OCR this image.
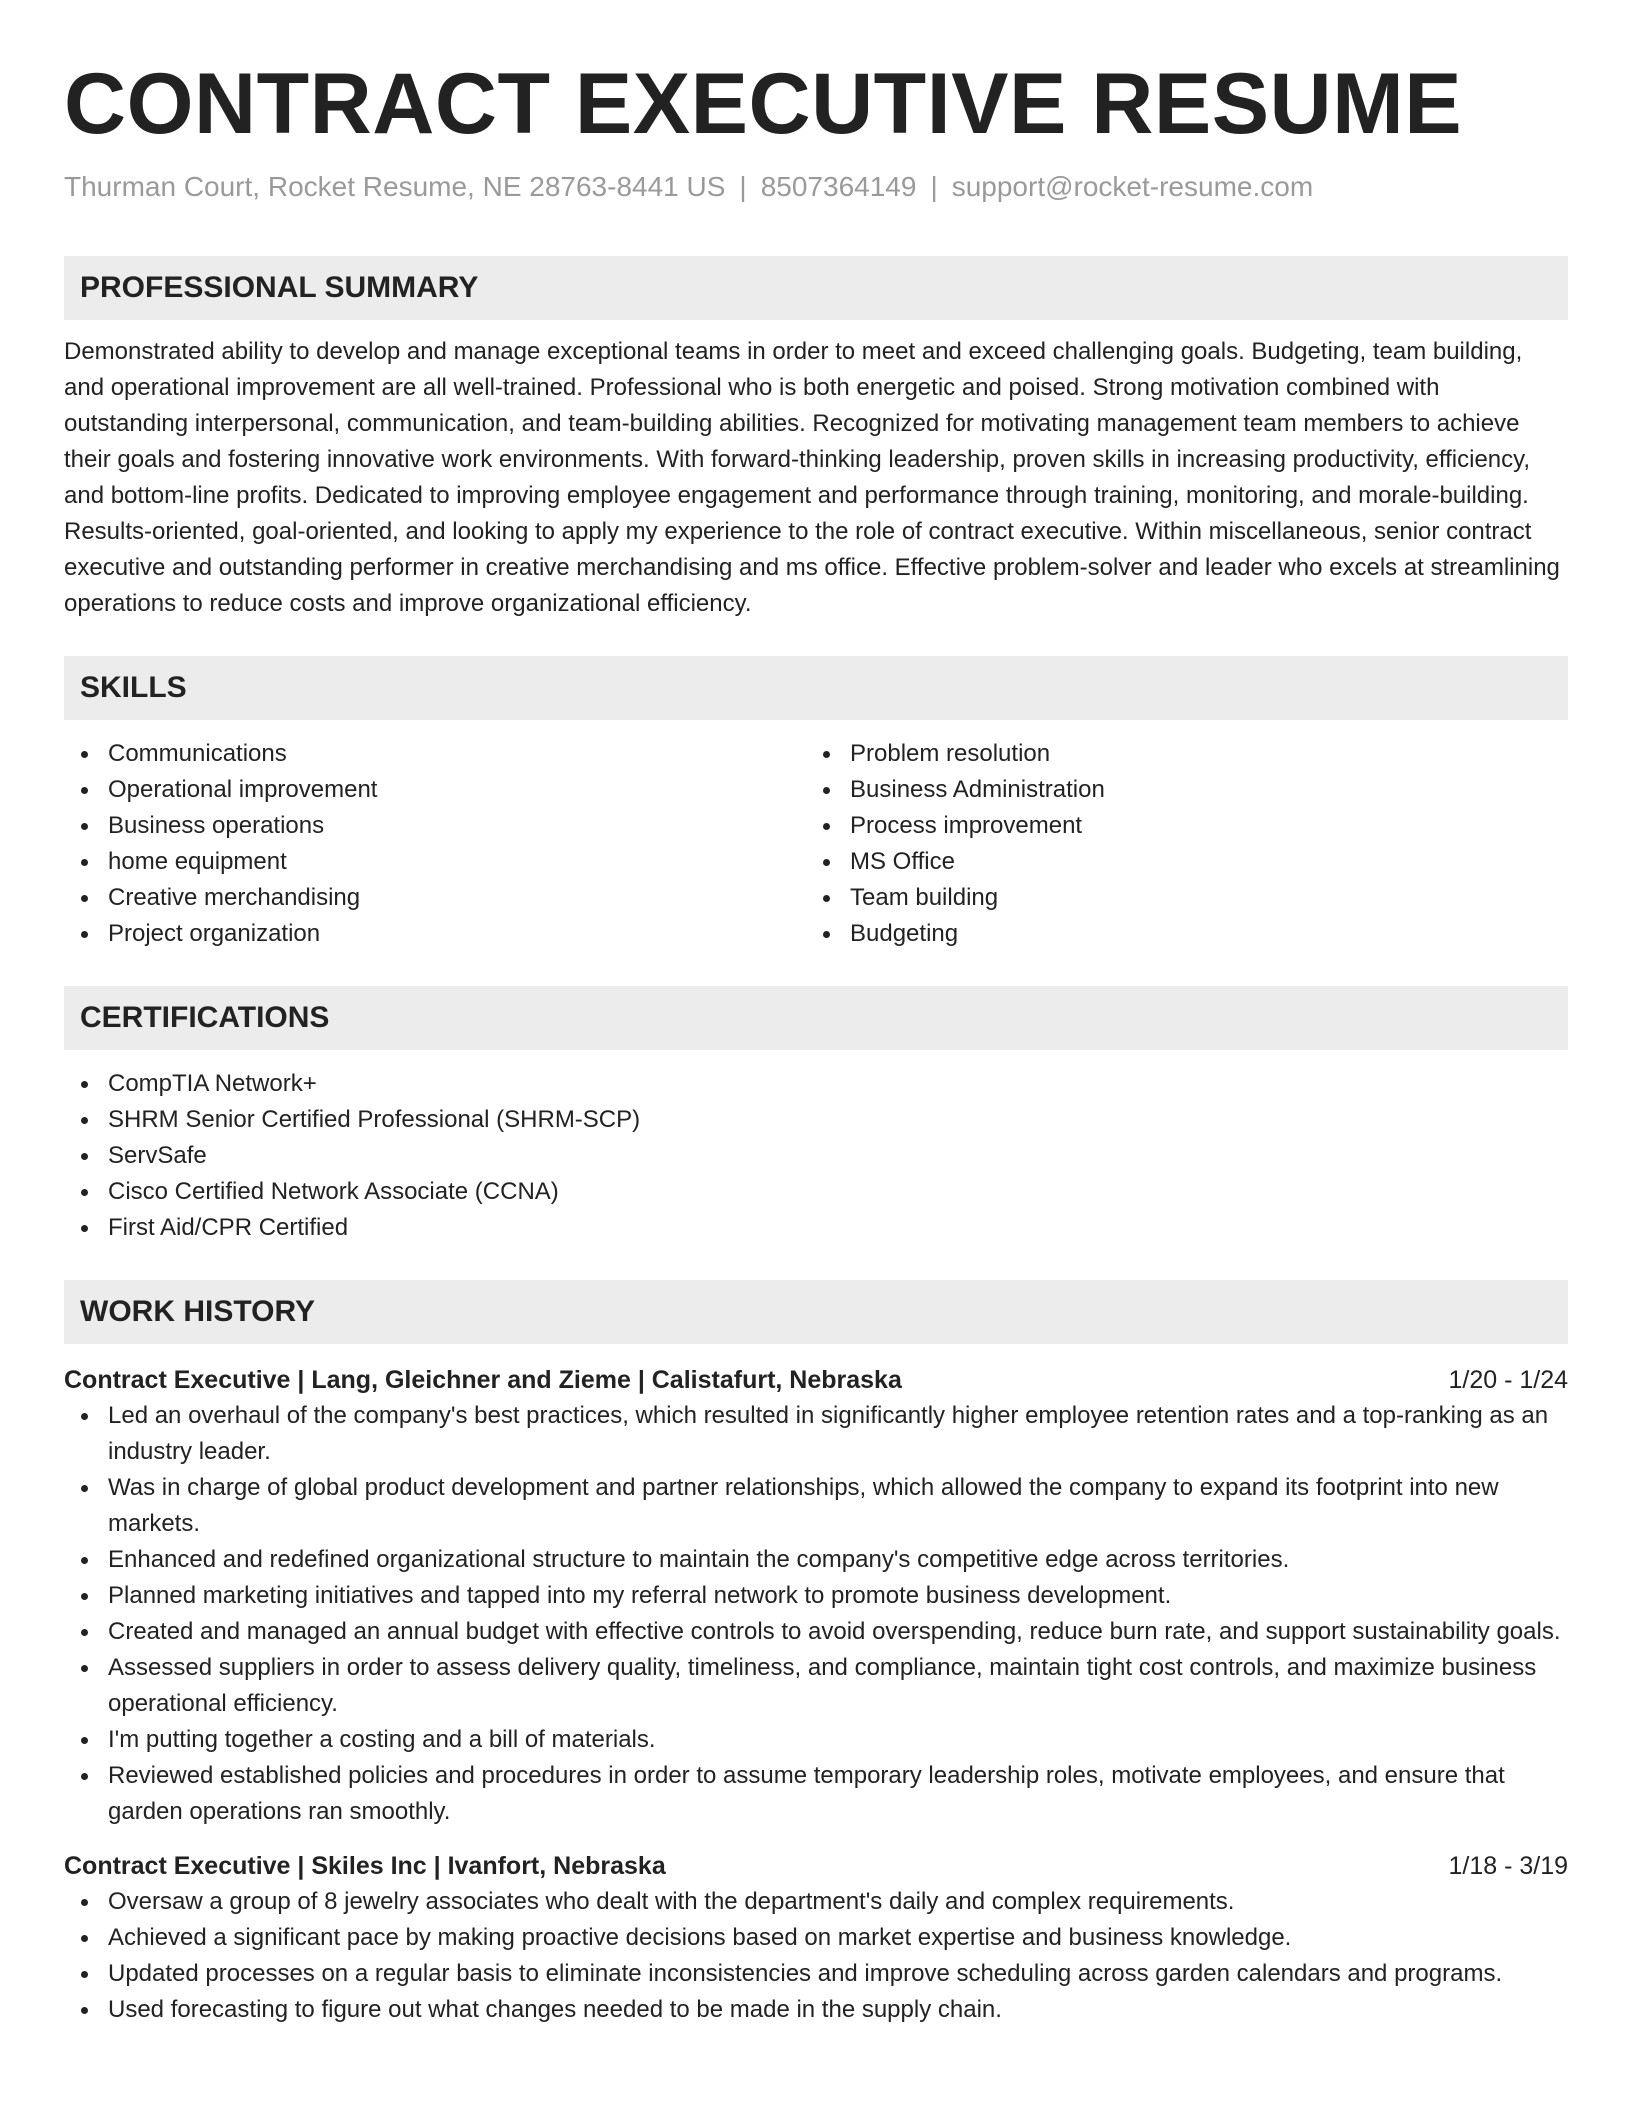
CONTRACT EXECUTIVE RESUME
Thurman Court, Rocket Resume, NE 28763-8441 US | 8507364149 | support@rocket-resume.com
PROFESSIONAL SUMMARY
Demonstrated ability to develop and manage exceptional teams in order to meet and exceed challenging goals. Budgeting, team building, and operational improvement are all well-trained. Professional who is both energetic and poised. Strong motivation combined with outstanding interpersonal, communication, and team-building abilities. Recognized for motivating management team members to achieve their goals and fostering innovative work environments. With forward-thinking leadership, proven skills in increasing productivity, efficiency, and bottom-line profits. Dedicated to improving employee engagement and performance through training, monitoring, and morale-building. Results-oriented, goal-oriented, and looking to apply my experience to the role of contract executive. Within miscellaneous, senior contract executive and outstanding performer in creative merchandising and ms office. Effective problem-solver and leader who excels at streamlining operations to reduce costs and improve organizational efficiency.
SKILLS
Communications
Operational improvement
Business operations
home equipment
Creative merchandising
Project organization
Problem resolution
Business Administration
Process improvement
MS Office
Team building
Budgeting
CERTIFICATIONS
CompTIA Network+
SHRM Senior Certified Professional (SHRM-SCP)
ServSafe
Cisco Certified Network Associate (CCNA)
First Aid/CPR Certified
WORK HISTORY
Contract Executive | Lang, Gleichner and Zieme | Calistafurt, Nebraska	1/20 - 1/24
Led an overhaul of the company's best practices, which resulted in significantly higher employee retention rates and a top-ranking as an industry leader.
Was in charge of global product development and partner relationships, which allowed the company to expand its footprint into new markets.
Enhanced and redefined organizational structure to maintain the company's competitive edge across territories.
Planned marketing initiatives and tapped into my referral network to promote business development.
Created and managed an annual budget with effective controls to avoid overspending, reduce burn rate, and support sustainability goals.
Assessed suppliers in order to assess delivery quality, timeliness, and compliance, maintain tight cost controls, and maximize business operational efficiency.
I'm putting together a costing and a bill of materials.
Reviewed established policies and procedures in order to assume temporary leadership roles, motivate employees, and ensure that garden operations ran smoothly.
Contract Executive | Skiles Inc | Ivanfort, Nebraska	1/18 - 3/19
Oversaw a group of 8 jewelry associates who dealt with the department's daily and complex requirements.
Achieved a significant pace by making proactive decisions based on market expertise and business knowledge.
Updated processes on a regular basis to eliminate inconsistencies and improve scheduling across garden calendars and programs.
Used forecasting to figure out what changes needed to be made in the supply chain.
